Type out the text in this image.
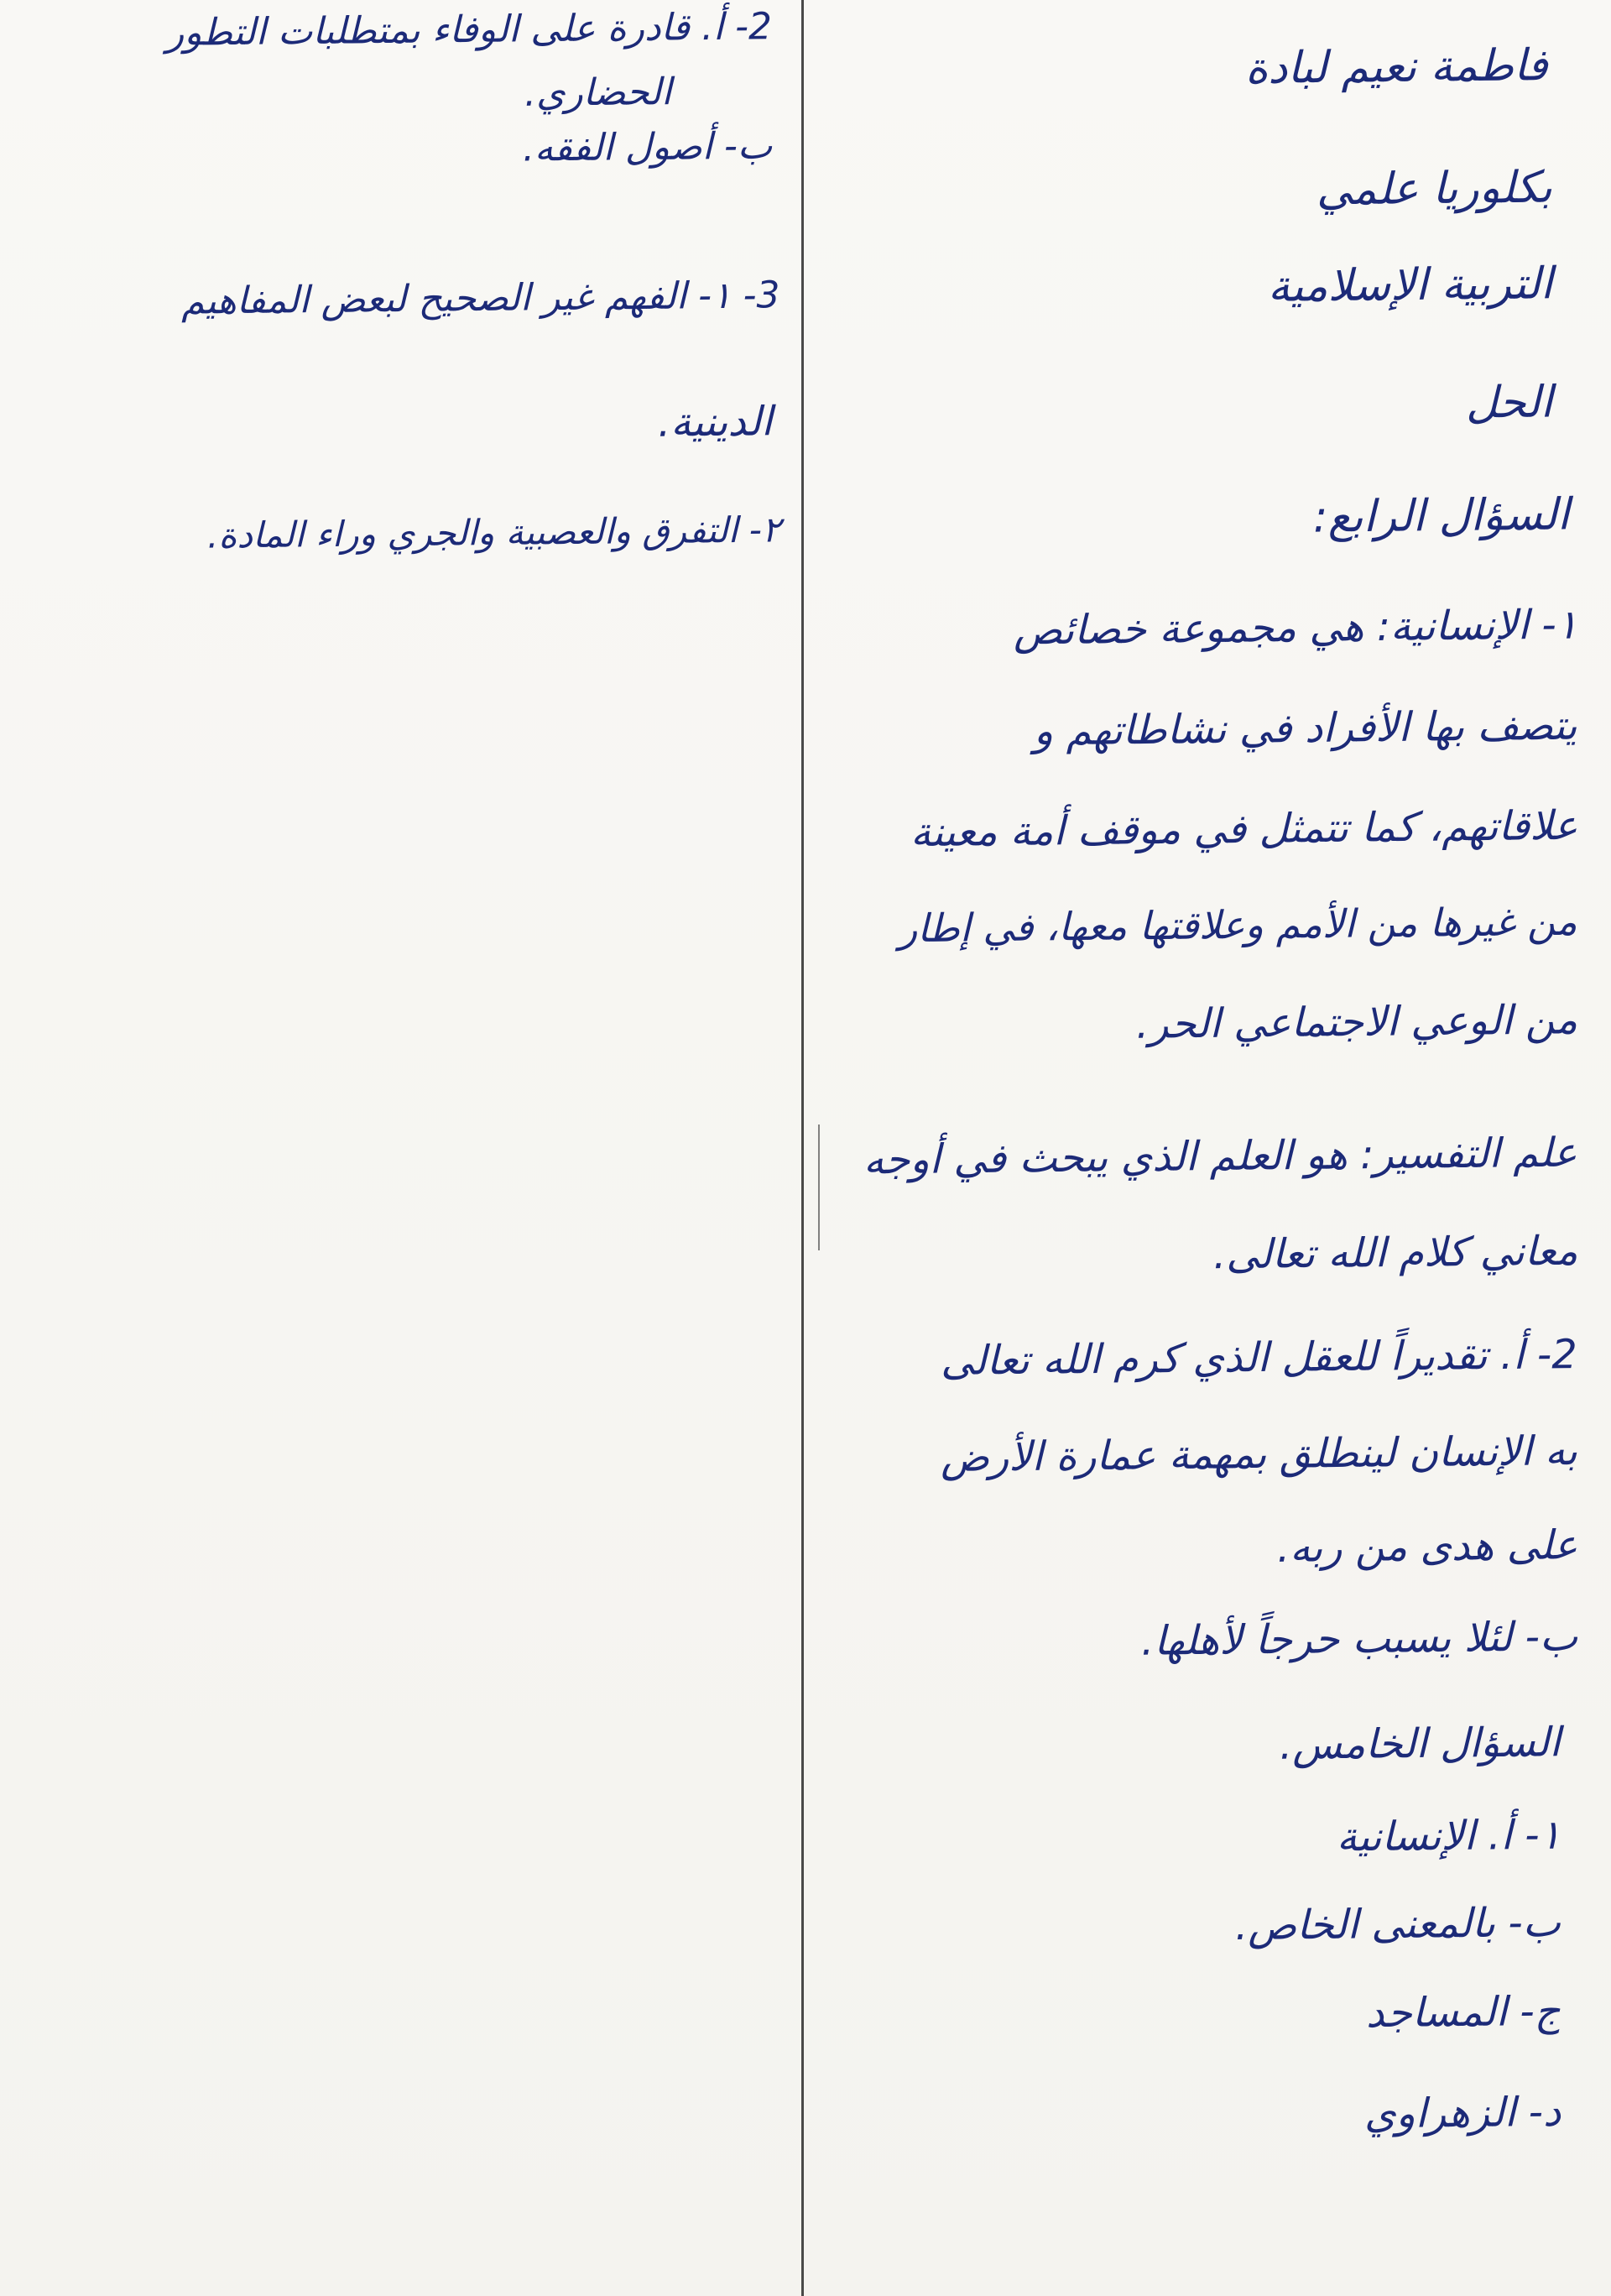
فاطمة نعيم لبادة
بكلوريا علمي
التربية الإسلامية
الحل
السؤال الرابع:
١- الإنسانية: هي مجموعة خصائص
يتصف بها الأفراد في نشاطاتهم و
علاقاتهم، كما تتمثل في موقف أمة معينة
من غيرها من الأمم وعلاقتها معها، في إطار
من الوعي الاجتماعي الحر.
علم التفسير: هو العلم الذي يبحث في أوجه
معاني كلام الله تعالى.
2- أ. تقديراً للعقل الذي كرم الله تعالى
به الإنسان لينطلق بمهمة عمارة الأرض
على هدى من ربه.
ب- لئلا يسبب حرجاً لأهلها.
السؤال الخامس.
١- أ. الإنسانية
ب- بالمعنى الخاص.
ج- المساجد
د- الزهراوي
2- أ. قادرة على الوفاء بمتطلبات التطور
الحضاري.
ب- أصول الفقه.
3- ١- الفهم غير الصحيح لبعض المفاهيم
الدينية.
٢- التفرق والعصبية والجري وراء المادة.
